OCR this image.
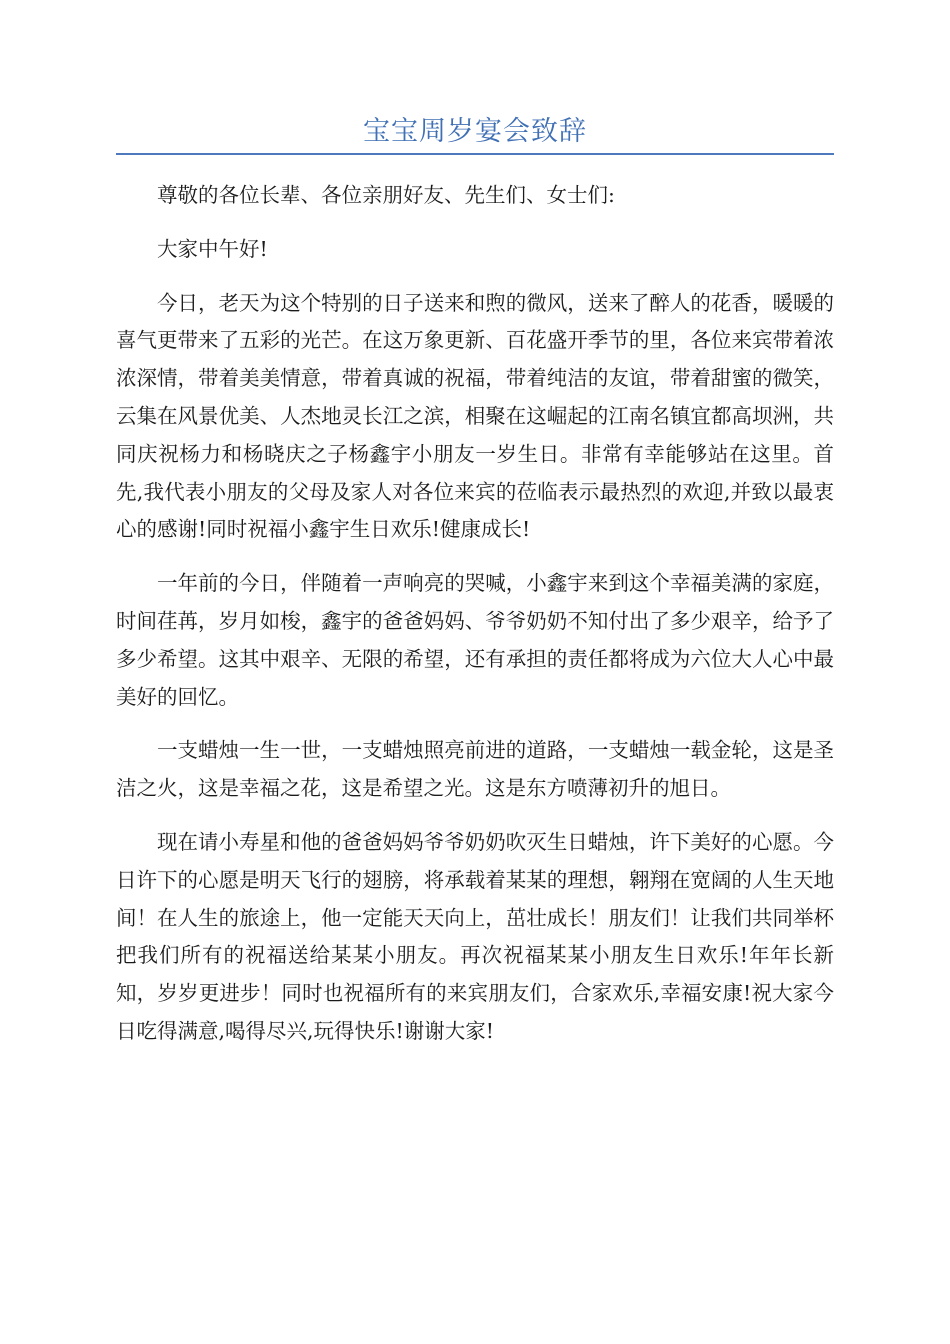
宝宝周岁宴会致辞

尊敬的各位长辈、各位亲朋好友、先生们、女士们:

大家中午好!

今日，老天为这个特别的日子送来和煦的微风，送来了醉人的花香，暖暖的喜气更带来了五彩的光芒。在这万象更新、百花盛开季节的里，各位来宾带着浓浓深情，带着美美情意，带着真诚的祝福，带着纯洁的友谊，带着甜蜜的微笑，云集在风景优美、人杰地灵长江之滨，相聚在这崛起的江南名镇宜都高坝洲，共同庆祝杨力和杨晓庆之子杨鑫宇小朋友一岁生日。非常有幸能够站在这里。首先,我代表小朋友的父母及家人对各位来宾的莅临表示最热烈的欢迎,并致以最衷心的感谢!同时祝福小鑫宇生日欢乐!健康成长!

一年前的今日，伴随着一声响亮的哭喊，小鑫宇来到这个幸福美满的家庭，时间荏苒，岁月如梭，鑫宇的爸爸妈妈、爷爷奶奶不知付出了多少艰辛，给予了多少希望。这其中艰辛、无限的希望，还有承担的责任都将成为六位大人心中最美好的回忆。

一支蜡烛一生一世，一支蜡烛照亮前进的道路，一支蜡烛一载金轮，这是圣洁之火，这是幸福之花，这是希望之光。这是东方喷薄初升的旭日。

现在请小寿星和他的爸爸妈妈爷爷奶奶吹灭生日蜡烛，许下美好的心愿。今日许下的心愿是明天飞行的翅膀，将承载着某某的理想，翱翔在宽阔的人生天地间！在人生的旅途上，他一定能天天向上，茁壮成长！朋友们！让我们共同举杯把我们所有的祝福送给某某小朋友。再次祝福某某小朋友生日欢乐!年年长新知，岁岁更进步！同时也祝福所有的来宾朋友们，合家欢乐,幸福安康!祝大家今日吃得满意,喝得尽兴,玩得快乐!谢谢大家!
